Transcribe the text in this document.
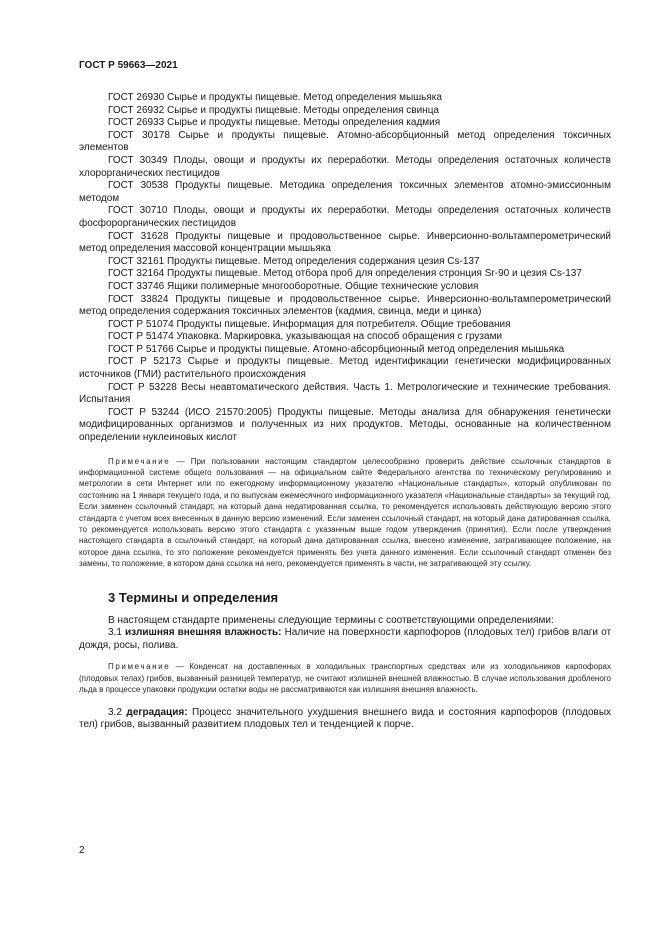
ГОСТ Р 59663—2021

ГОСТ 26930 Сырье и продукты пищевые. Метод определения мышьяка

ГОСТ 26932 Сырье и продукты пищевые. Методы определения свинца

ГОСТ 26933 Сырье и продукты пищевые. Методы определения кадмия

ГОСТ 30178 Сырье и продукты пищевые. Атомно-абсорбционный метод определения токсичных элементов

ГОСТ 30349 Плоды, овощи и продукты их переработки. Методы определения остаточных количеств хлорорганических пестицидов

ГОСТ 30538 Продукты пищевые. Методика определения токсичных элементов атомно-эмиссионным методом

ГОСТ 30710 Плоды, овощи и продукты их переработки. Методы определения остаточных количеств фосфорорганических пестицидов

ГОСТ 31628 Продукты пищевые и продовольственное сырье. Инверсионно-вольтамперометрический метод определения массовой концентрации мышьяка

ГОСТ 32161 Продукты пищевые. Метод определения содержания цезия Cs-137

ГОСТ 32164 Продукты пищевые. Метод отбора проб для определения стронция Sr-90 и цезия Cs-137

ГОСТ 33746 Ящики полимерные многооборотные. Общие технические условия

ГОСТ 33824 Продукты пищевые и продовольственное сырье. Инверсионно-вольтамперометрический метод определения содержания токсичных элементов (кадмия, свинца, меди и цинка)

ГОСТ Р 51074 Продукты пищевые. Информация для потребителя. Общие требования

ГОСТ Р 51474 Упаковка. Маркировка, указывающая на способ обращения с грузами

ГОСТ Р 51766 Сырье и продукты пищевые. Атомно-абсорбционный метод определения мышьяка

ГОСТ Р 52173 Сырье и продукты пищевые. Метод идентификации генетически модифицированных источников (ГМИ) растительного происхождения

ГОСТ Р 53228 Весы неавтоматического действия. Часть 1. Метрологические и технические требования. Испытания

ГОСТ Р 53244 (ИСО 21570:2005) Продукты пищевые. Методы анализа для обнаружения генетически модифицированных организмов и полученных из них продуктов. Методы, основанные на количественном определении нуклеиновых кислот

Примечание — При пользовании настоящим стандартом целесообразно проверить действие ссылочных стандартов в информационной системе общего пользования — на официальном сайте Федерального агентства по техническому регулированию и метрологии в сети Интернет или по ежегодному информационному указателю «Национальные стандарты», который опубликован по состоянию на 1 января текущего года, и по выпускам ежемесячного информационного указателя «Национальные стандарты» за текущий год. Если заменен ссылочный стандарт, на который дана недатированная ссылка, то рекомендуется использовать действующую версию этого стандарта с учетом всех внесенных в данную версию изменений. Если заменен ссылочный стандарт, на который дана датированная ссылка, то рекомендуется использовать версию этого стандарта с указанным выше годом утверждения (принятия). Если после утверждения настоящего стандарта в ссылочный стандарт, на который дана датированная ссылка, внесено изменение, затрагивающее положение, на которое дана ссылка, то это положение рекомендуется применять без учета данного изменения. Если ссылочный стандарт отменен без замены, то положение, в котором дана ссылка на него, рекомендуется применять в части, не затрагивающей эту ссылку.

3 Термины и определения

В настоящем стандарте применены следующие термины с соответствующими определениями:

3.1 излишняя внешняя влажность: Наличие на поверхности карпофоров (плодовых тел) грибов влаги от дождя, росы, полива.

Примечание — Конденсат на доставленных в холодильных транспортных средствах или из холодильников карпофорах (плодовых телах) грибов, вызванный разницей температур, не считают излишней внешней влажностью. В случае использования дробленого льда в процессе упаковки продукции остатки воды не рассматриваются как излишняя внешняя влажность.

3.2 деградация: Процесс значительного ухудшения внешнего вида и состояния карпофоров (плодовых тел) грибов, вызванный развитием плодовых тел и тенденцией к порче.

2
